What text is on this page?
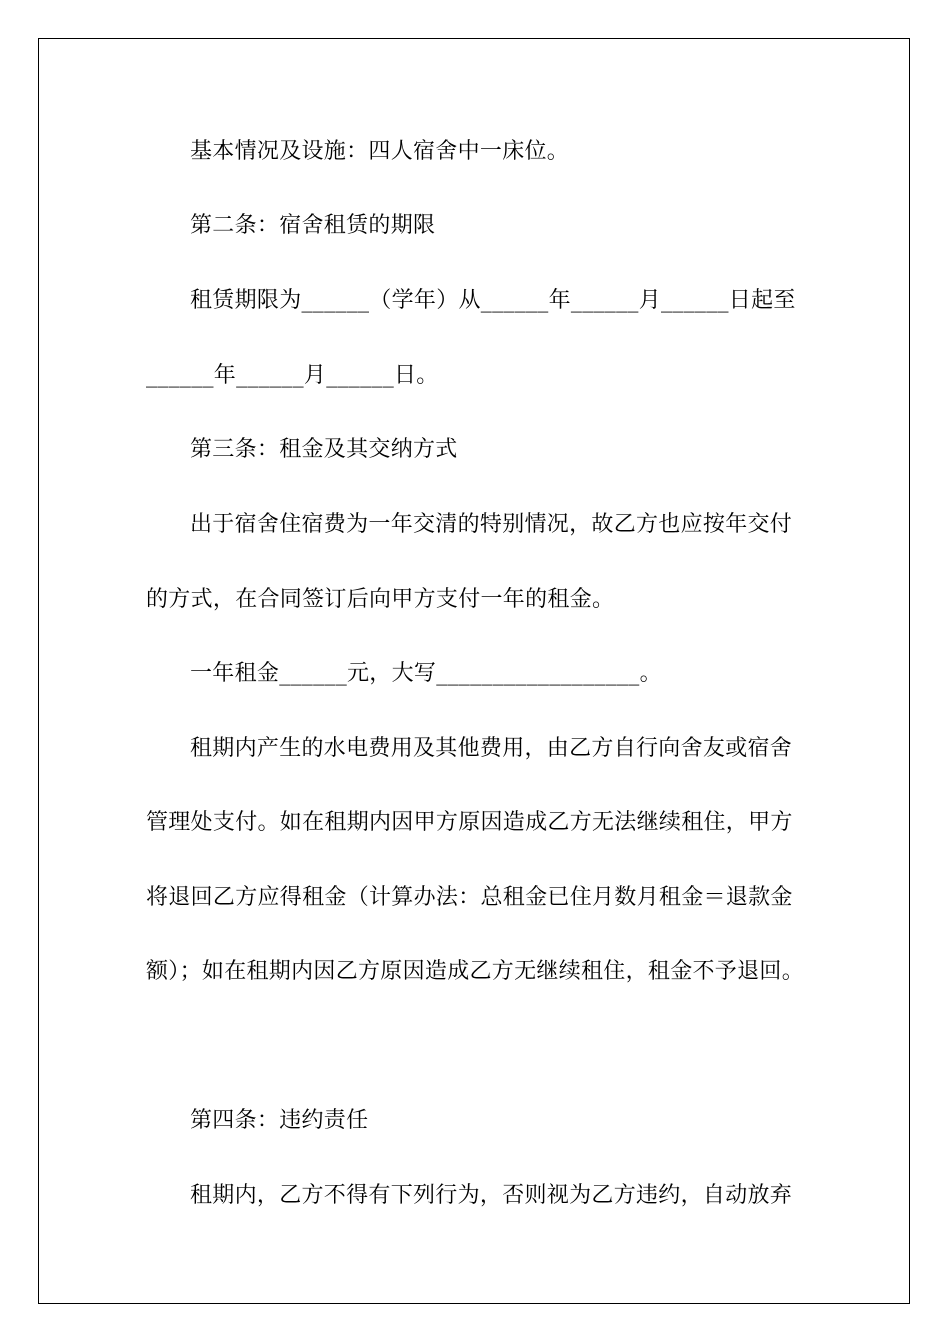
基本情况及设施：四人宿舍中一床位。
第二条：宿舍租赁的期限
租赁期限为______（学年）从______年______月______日起至
______年______月______日。
第三条：租金及其交纳方式
出于宿舍住宿费为一年交清的特别情况，故乙方也应按年交付
的方式，在合同签订后向甲方支付一年的租金。
一年租金______元，大写__________________。
租期内产生的水电费用及其他费用，由乙方自行向舍友或宿舍
管理处支付。如在租期内因甲方原因造成乙方无法继续租住，甲方
将退回乙方应得租金（计算办法：总租金已住月数月租金＝退款金
额）；如在租期内因乙方原因造成乙方无继续租住，租金不予退回。
第四条：违约责任
租期内，乙方不得有下列行为，否则视为乙方违约，自动放弃
